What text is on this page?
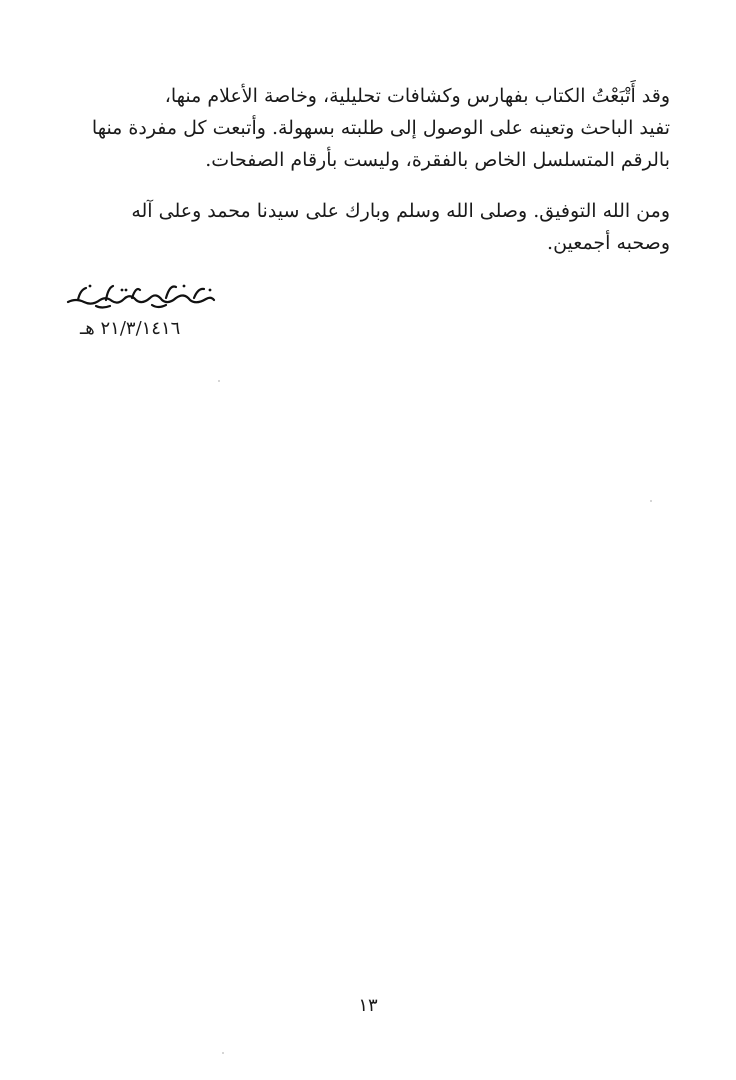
وقد أَتْبَعْتُ الكتاب بفهارس وكشافات تحليلية، وخاصة الأعلام منها،
تفيد الباحث وتعينه على الوصول إلى طلبته بسهولة. وأتبعت كل مفردة منها
بالرقم المتسلسل الخاص بالفقرة، وليست بأرقام الصفحات.
ومن الله التوفيق. وصلى الله وسلم وبارك على سيدنا محمد وعلى آله
وصحبه أجمعين.
٢١/٣/١٤١٦ هـ
١٣
